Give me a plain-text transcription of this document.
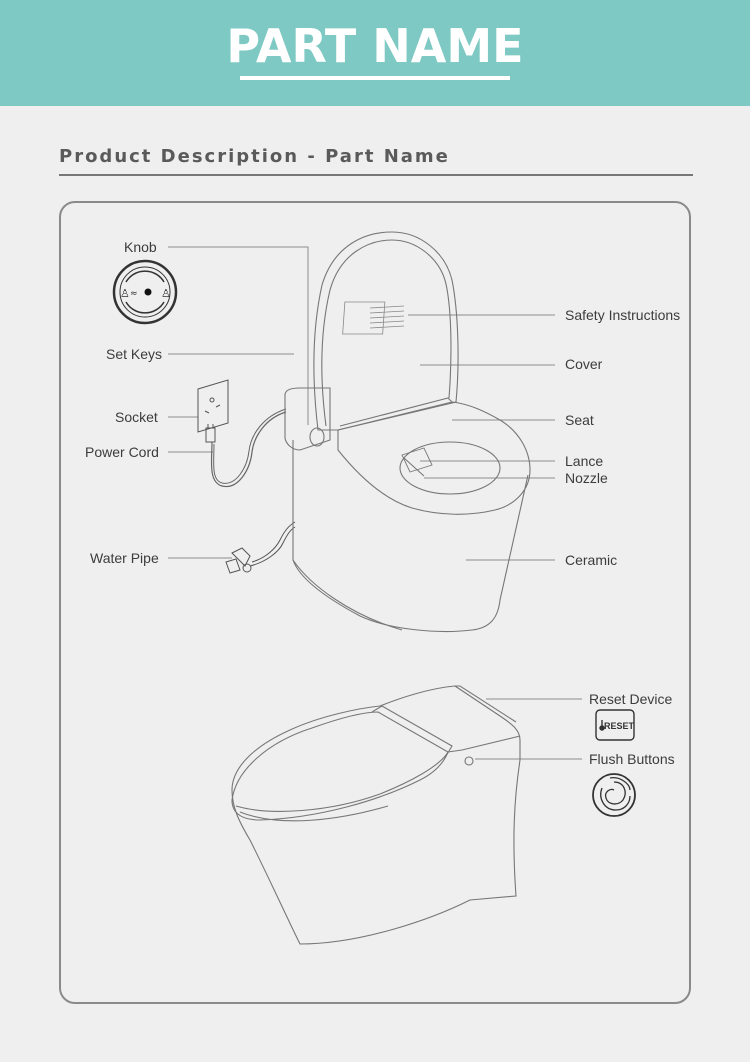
PART NAME
Product Description - Part Name
♙	♙
≈
RESET
Knob
Set Keys
Socket
Power Cord
Water Pipe
Safety Instructions
Cover
Seat
Lance
Nozzle
Ceramic
Reset Device
Flush Buttons
